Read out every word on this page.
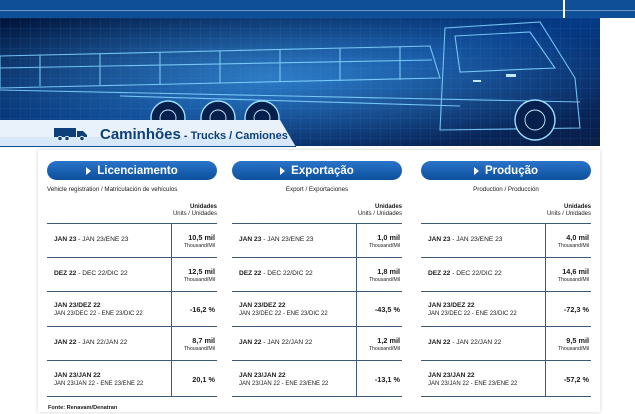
Caminhões - Trucks / Camiones
Licenciamento
Vehicle registration / Matriculación de vehículos
Unidades
Units / Unidades
JAN 23 - JAN 23/ENE 23	10,5 mil
Thousand/Mil
DEZ 22 - DEC 22/DIC 22	12,5 mil
Thousand/Mil
JAN 23/DEZ 22
JAN 23/DEC 22 - ENE 23/DIC 22	-16,2 %
JAN 22 - JAN 22/JAN 22	8,7 mil
Thousand/Mil
JAN 23/JAN 22
JAN 23/JAN 22 - ENE 23/ENE 22	20,1 %
Exportação
Export / Exportaciones
Unidades
Units / Unidades
JAN 23 - JAN 23/ENE 23	1,0 mil
Thousand/Mil
DEZ 22 - DEC 22/DIC 22	1,8 mil
Thousand/Mil
JAN 23/DEZ 22
JAN 23/DEC 22 - ENE 23/DIC 22	-43,5 %
JAN 22 - JAN 22/JAN 22	1,2 mil
Thousand/Mil
JAN 23/JAN 22
JAN 23/JAN 22 - ENE 23/ENE 22	-13,1 %
Produção
Production / Producción
Unidades
Units / Unidades
JAN 23 - JAN 23/ENE 23	4,0 mil
Thousand/Mil
DEZ 22 - DEC 22/DIC 22	14,6 mil
Thousand/Mil
JAN 23/DEZ 22
JAN 23/DEC 22 - ENE 23/DIC 22	-72,3 %
JAN 22 - JAN 22/JAN 22	9,5 mil
Thousand/Mil
JAN 23/JAN 22
JAN 23/JAN 22 - ENE 23/ENE 22	-57,2 %
Fonte: Renavam/Denatran
